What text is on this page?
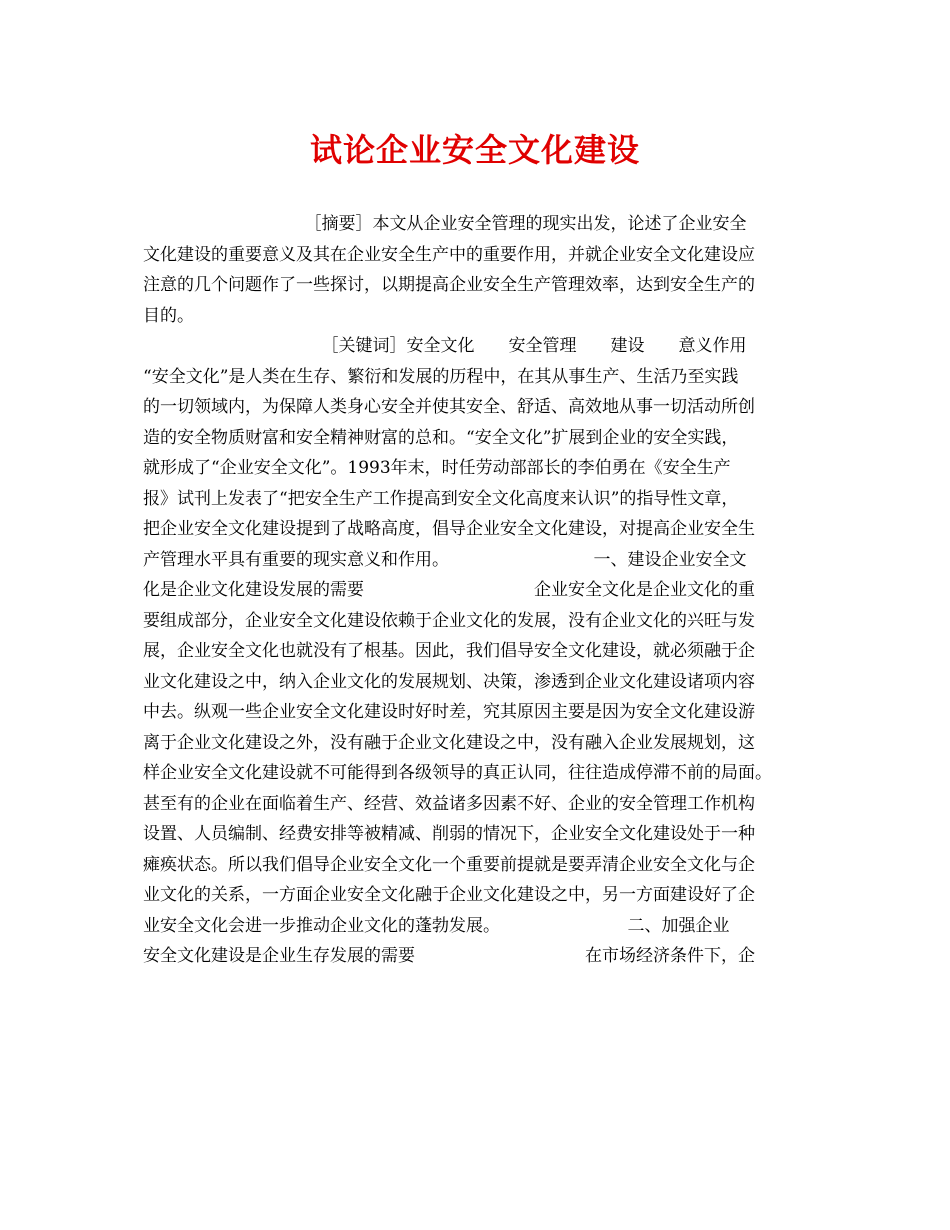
试论企业安全文化建设
　　　　　　　　　　［摘要］本文从企业安全管理的现实出发，论述了企业安全
文化建设的重要意义及其在企业安全生产中的重要作用，并就企业安全文化建设应
注意的几个问题作了一些探讨，以期提高企业安全生产管理效率，达到安全生产的
目的。
　　　　　　　　　　　［关键词］安全文化　　安全管理　　建设　　意义作用
“安全文化”是人类在生存、繁衍和发展的历程中，在其从事生产、生活乃至实践
的一切领域内，为保障人类身心安全并使其安全、舒适、高效地从事一切活动所创
造的安全物质财富和安全精神财富的总和。“安全文化”扩展到企业的安全实践，
就形成了“企业安全文化”。1993年末，时任劳动部部长的李伯勇在《安全生产
报》试刊上发表了“把安全生产工作提高到安全文化高度来认识”的指导性文章，
把企业安全文化建设提到了战略高度，倡导企业安全文化建设，对提高企业安全生
产管理水平具有重要的现实意义和作用。　　　　　　　　　一、建设企业安全文
化是企业文化建设发展的需要　　　　　　　　　　企业安全文化是企业文化的重
要组成部分，企业安全文化建设依赖于企业文化的发展，没有企业文化的兴旺与发
展，企业安全文化也就没有了根基。因此，我们倡导安全文化建设，就必须融于企
业文化建设之中，纳入企业文化的发展规划、决策，渗透到企业文化建设诸项内容
中去。纵观一些企业安全文化建设时好时差，究其原因主要是因为安全文化建设游
离于企业文化建设之外，没有融于企业文化建设之中，没有融入企业发展规划，这
样企业安全文化建设就不可能得到各级领导的真正认同，往往造成停滞不前的局面。
甚至有的企业在面临着生产、经营、效益诸多因素不好、企业的安全管理工作机构
设置、人员编制、经费安排等被精减、削弱的情况下，企业安全文化建设处于一种
瘫痪状态。所以我们倡导企业安全文化一个重要前提就是要弄清企业安全文化与企
业文化的关系，一方面企业安全文化融于企业文化建设之中，另一方面建设好了企
业安全文化会进一步推动企业文化的蓬勃发展。　　　　　　　　二、加强企业
安全文化建设是企业生存发展的需要　　　　　　　　　　在市场经济条件下，企
